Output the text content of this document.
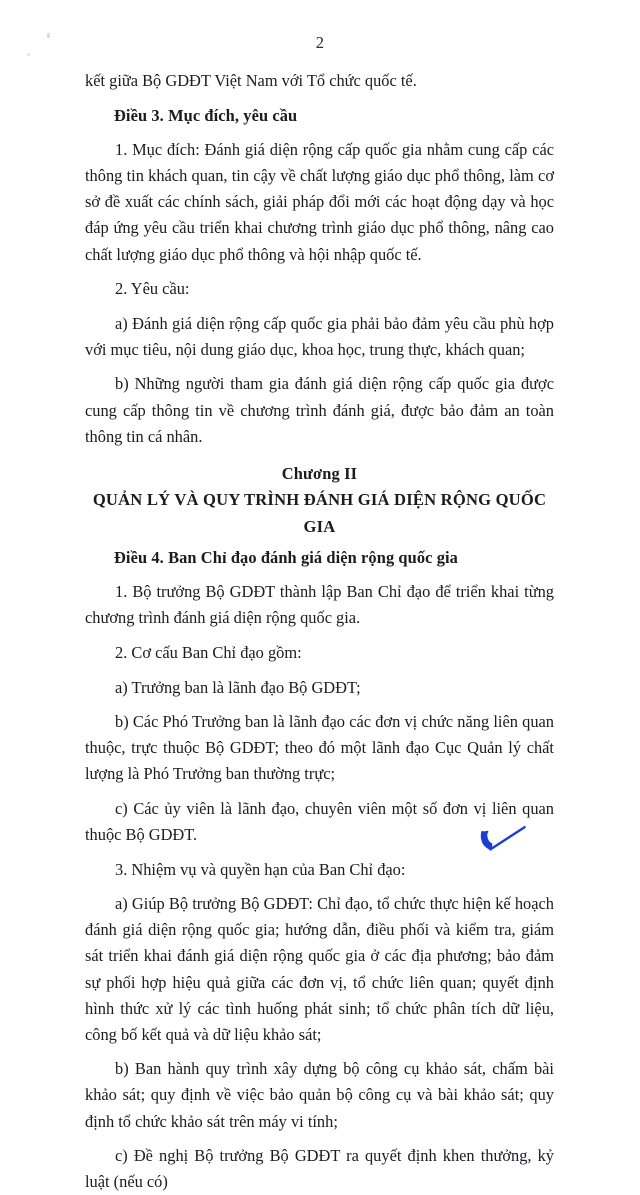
2

kết giữa Bộ GDĐT Việt Nam với Tổ chức quốc tế.

Điều 3. Mục đích, yêu cầu

1. Mục đích: Đánh giá diện rộng cấp quốc gia nhằm cung cấp các thông tin khách quan, tin cậy về chất lượng giáo dục phổ thông, làm cơ sở đề xuất các chính sách, giải pháp đổi mới các hoạt động dạy và học đáp ứng yêu cầu triển khai chương trình giáo dục phổ thông, nâng cao chất lượng giáo dục phổ thông và hội nhập quốc tế.

2. Yêu cầu:

a) Đánh giá diện rộng cấp quốc gia phải bảo đảm yêu cầu phù hợp với mục tiêu, nội dung giáo dục, khoa học, trung thực, khách quan;

b) Những người tham gia đánh giá diện rộng cấp quốc gia được cung cấp thông tin về chương trình đánh giá, được bảo đảm an toàn thông tin cá nhân.

Chương II

QUẢN LÝ VÀ QUY TRÌNH ĐÁNH GIÁ DIỆN RỘNG QUỐC GIA

Điều 4. Ban Chỉ đạo đánh giá diện rộng quốc gia

1. Bộ trưởng Bộ GDĐT thành lập Ban Chỉ đạo để triển khai từng chương trình đánh giá diện rộng quốc gia.

2. Cơ cấu Ban Chỉ đạo gồm:

a) Trưởng ban là lãnh đạo Bộ GDĐT;

b) Các Phó Trưởng ban là lãnh đạo các đơn vị chức năng liên quan thuộc, trực thuộc Bộ GDĐT; theo đó một lãnh đạo Cục Quản lý chất lượng là Phó Trưởng ban thường trực;

c) Các ủy viên là lãnh đạo, chuyên viên một số đơn vị liên quan thuộc Bộ GDĐT.

3. Nhiệm vụ và quyền hạn của Ban Chỉ đạo:

a) Giúp Bộ trưởng Bộ GDĐT: Chỉ đạo, tổ chức thực hiện kế hoạch đánh giá diện rộng quốc gia; hướng dẫn, điều phối và kiểm tra, giám sát triển khai đánh giá diện rộng quốc gia ở các địa phương; bảo đảm sự phối hợp hiệu quả giữa các đơn vị, tổ chức liên quan; quyết định hình thức xử lý các tình huống phát sinh; tổ chức phân tích dữ liệu, công bố kết quả và dữ liệu khảo sát;

b) Ban hành quy trình xây dựng bộ công cụ khảo sát, chấm bài khảo sát; quy định về việc bảo quản bộ công cụ và bài khảo sát; quy định tổ chức khảo sát trên máy vi tính;

c) Đề nghị Bộ trưởng Bộ GDĐT ra quyết định khen thưởng, kỷ luật (nếu có)
